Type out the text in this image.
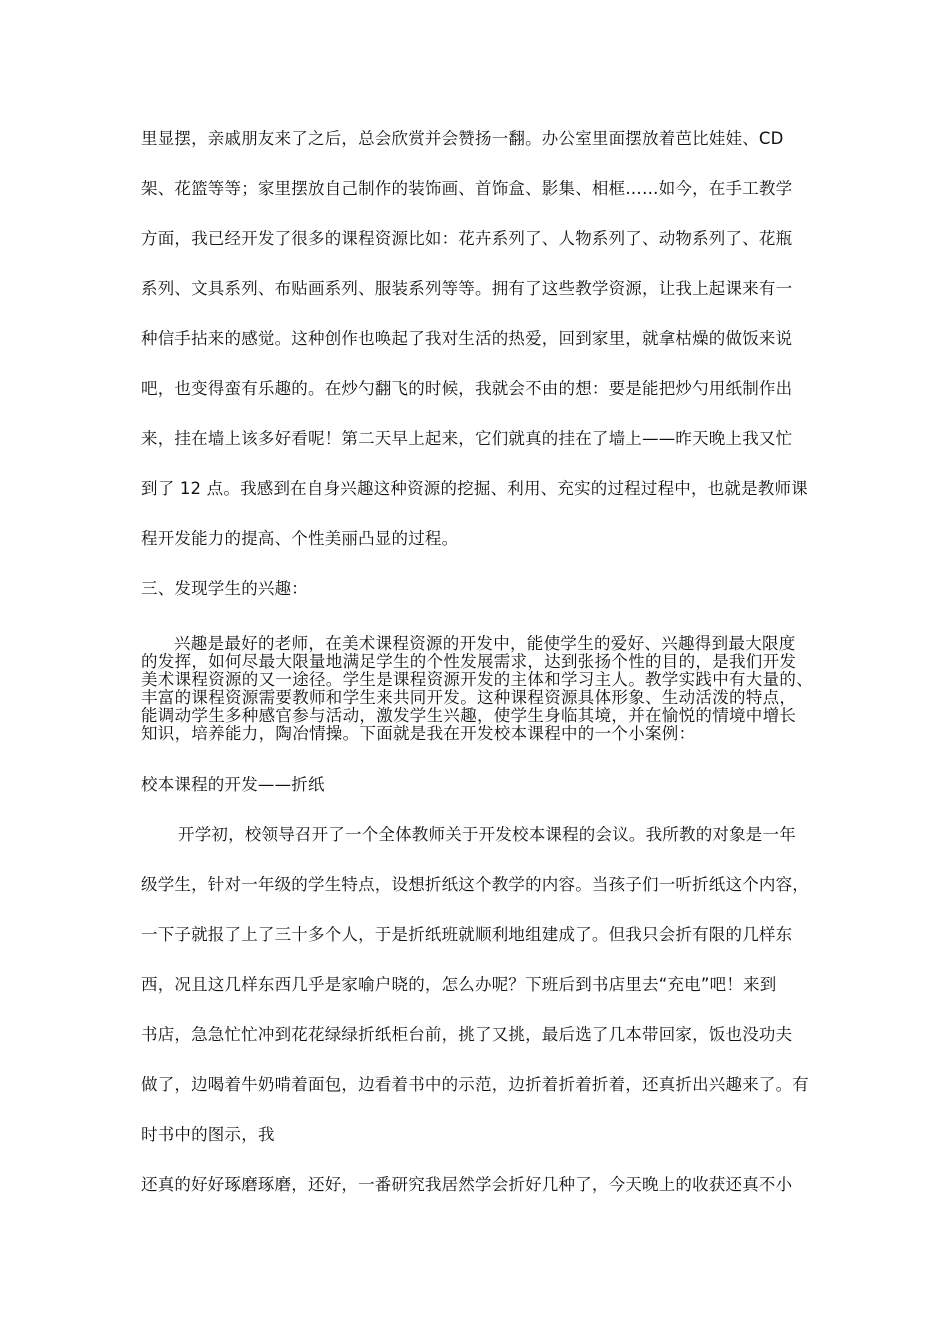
里显摆，亲戚朋友来了之后，总会欣赏并会赞扬一翻。办公室里面摆放着芭比娃娃、CD
架、花篮等等；家里摆放自己制作的装饰画、首饰盒、影集、相框……如今，在手工教学
方面，我已经开发了很多的课程资源比如：花卉系列了、人物系列了、动物系列了、花瓶
系列、文具系列、布贴画系列、服装系列等等。拥有了这些教学资源，让我上起课来有一
种信手拈来的感觉。这种创作也唤起了我对生活的热爱，回到家里，就拿枯燥的做饭来说
吧，也变得蛮有乐趣的。在炒勺翻飞的时候，我就会不由的想：要是能把炒勺用纸制作出
来，挂在墙上该多好看呢！第二天早上起来，它们就真的挂在了墙上——昨天晚上我又忙
到了 12 点。我感到在自身兴趣这种资源的挖掘、利用、充实的过程过程中，也就是教师课
程开发能力的提高、个性美丽凸显的过程。
三、发现学生的兴趣：
兴趣是最好的老师，在美术课程资源的开发中，能使学生的爱好、兴趣得到最大限度
的发挥，如何尽最大限量地满足学生的个性发展需求，达到张扬个性的目的，是我们开发
美术课程资源的又一途径。学生是课程资源开发的主体和学习主人。教学实践中有大量的、
丰富的课程资源需要教师和学生来共同开发。这种课程资源具体形象、生动活泼的特点，
能调动学生多种感官参与活动，激发学生兴趣，使学生身临其境，并在愉悦的情境中增长
知识，培养能力，陶冶情操。下面就是我在开发校本课程中的一个小案例：
校本课程的开发——折纸
开学初，校领导召开了一个全体教师关于开发校本课程的会议。我所教的对象是一年
级学生，针对一年级的学生特点，设想折纸这个教学的内容。当孩子们一听折纸这个内容，
一下子就报了上了三十多个人，于是折纸班就顺利地组建成了。但我只会折有限的几样东
西，况且这几样东西几乎是家喻户晓的，怎么办呢？下班后到书店里去“充电”吧！来到
书店，急急忙忙冲到花花绿绿折纸柜台前，挑了又挑，最后选了几本带回家，饭也没功夫
做了，边喝着牛奶啃着面包，边看着书中的示范，边折着折着折着，还真折出兴趣来了。有
时书中的图示，我
还真的好好琢磨琢磨，还好，一番研究我居然学会折好几种了，今天晚上的收获还真不小
